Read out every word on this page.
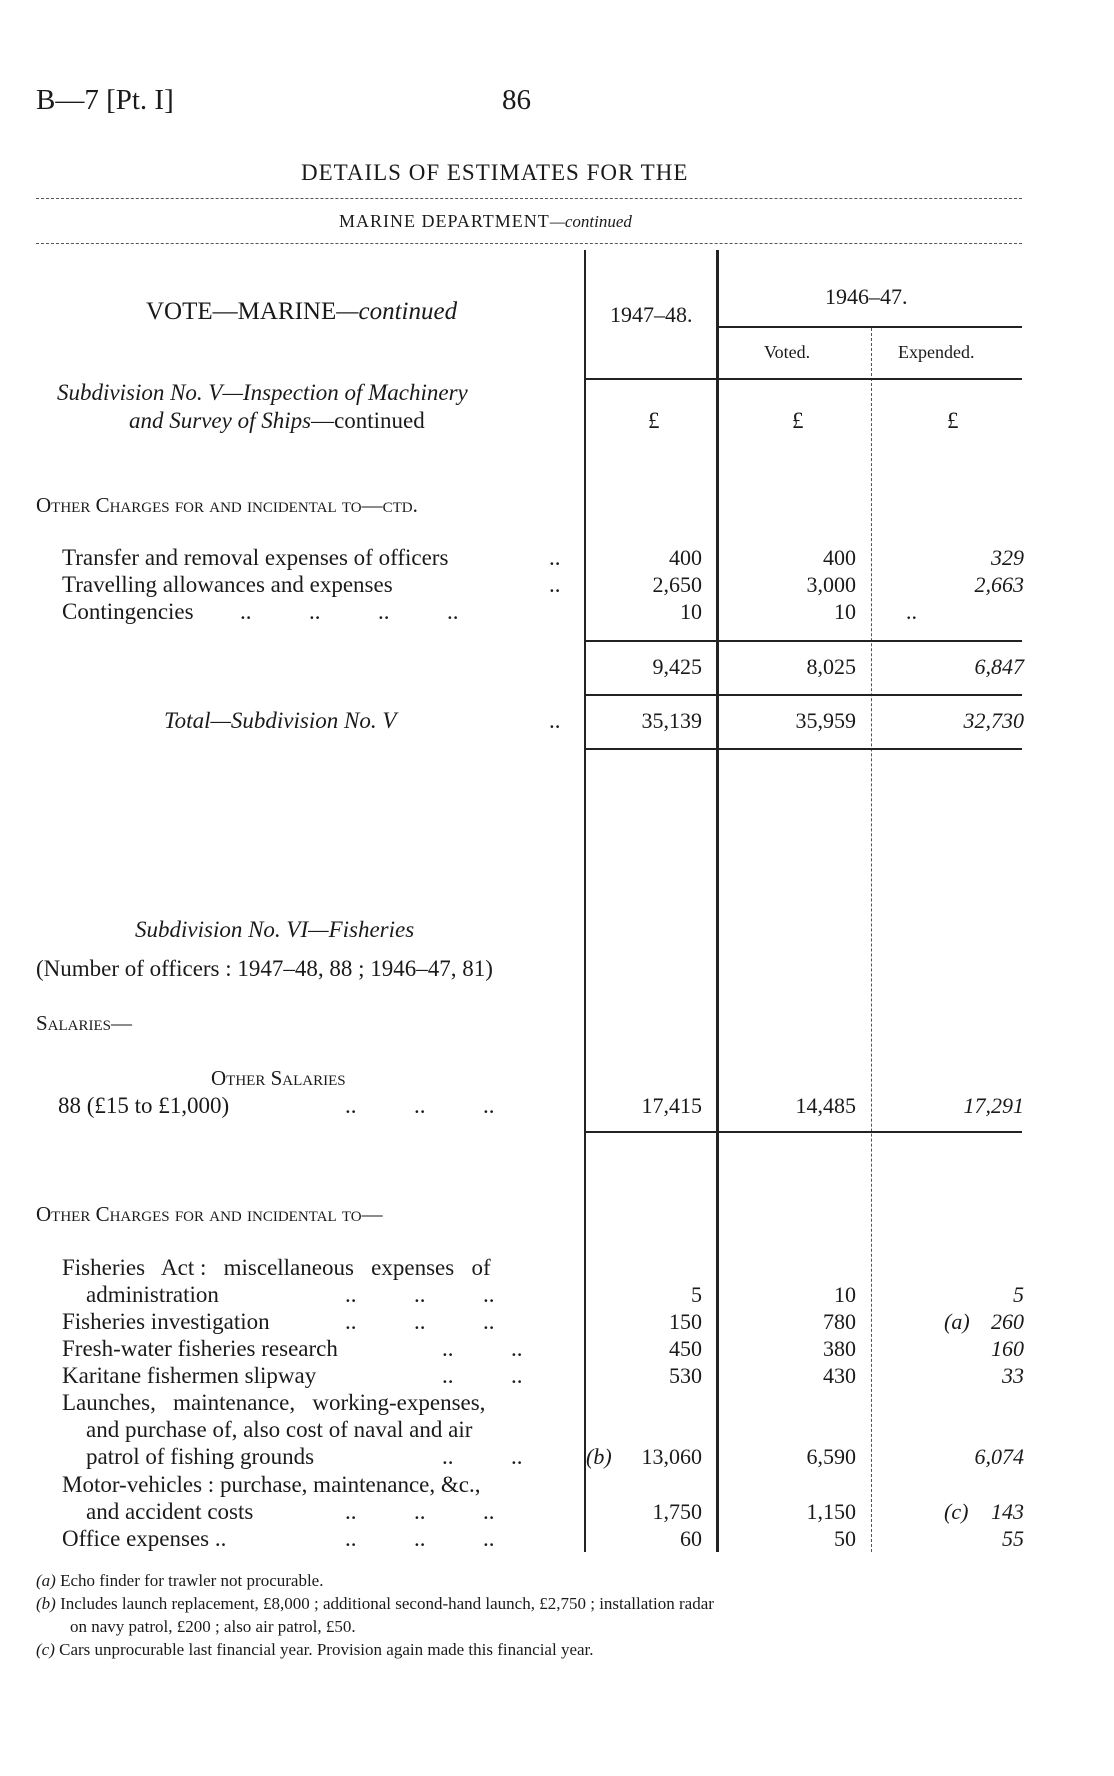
B—7 [Pt. I]	86
DETAILS OF ESTIMATES FOR THE
MARINE DEPARTMENT—continued
VOTE—MARINE—continued	1947–48.
1946–47.
Voted.	Expended.
Subdivision No. V—Inspection of Machinery
and Survey of Ships—continued	£	£	£
Other Charges for and incidental to—ctd.
Transfer and removal expenses of officers	..	400	400	329
Travelling allowances and expenses	..	2,650	3,000	2,663
Contingencies ..          ..          ..          ..	10	10 ..
9,425	8,025	6,847
Total—Subdivision No. V	..	35,139	35,959	32,730
Subdivision No. VI—Fisheries
(Number of officers : 1947–48, 88 ; 1946–47, 81)
Salaries—
Other Salaries
88 (£15 to £1,000)	..          ..          ..	17,415	14,485	17,291
Other Charges for and incidental to—
Fisheries   Act :   miscellaneous   expenses   of
administration	..          ..          ..	5	10	5
Fisheries investigation	..          ..          ..	150	780	(a) 260
Fresh-water fisheries research	..          ..	450	380	160
Karitane fishermen slipway	..          ..	530	430	33
Launches,   maintenance,   working-expenses,
and purchase of, also cost of naval and air
patrol of fishing grounds	..          ..	(b)	13,060	6,590	6,074
Motor-vehicles : purchase, maintenance, &c.,
and accident costs	..          ..          ..	1,750	1,150	(c)	143
Office expenses ..	..          ..          ..	60	50	55
(a) Echo finder for trawler not procurable.
(b) Includes launch replacement, £8,000 ; additional second-hand launch, £2,750 ; installation radar
on navy patrol, £200 ; also air patrol, £50.
(c) Cars unprocurable last financial year. Provision again made this financial year.
